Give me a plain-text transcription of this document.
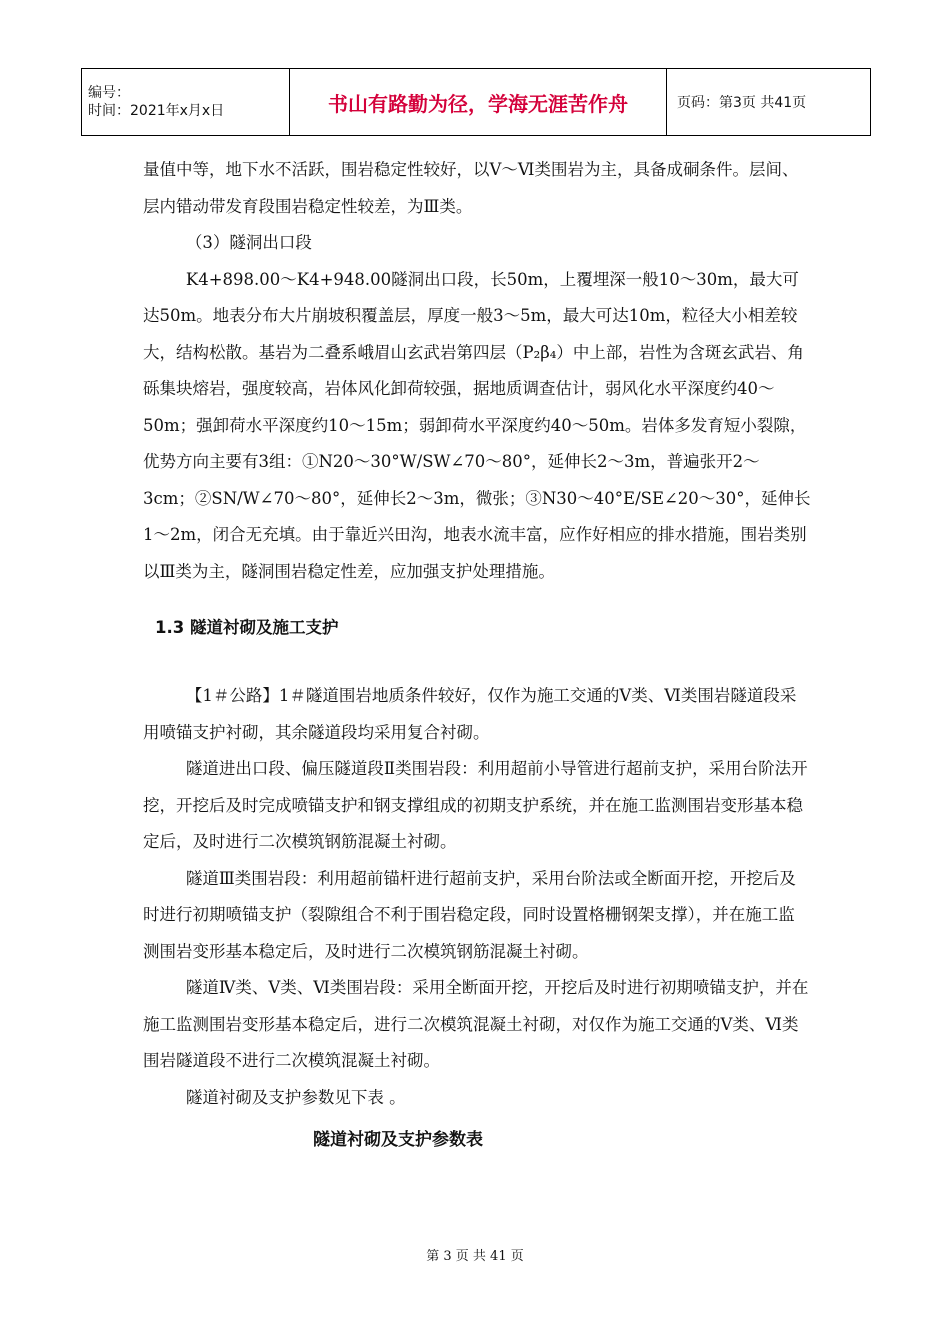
编号：
时间：2021年x月x日	书山有路勤为径，学海无涯苦作舟	页码：第3页 共41页

量值中等，地下水不活跃，围岩稳定性较好，以Ⅴ～Ⅵ类围岩为主，具备成硐条件。层间、层内错动带发育段围岩稳定性较差，为Ⅲ类。

（3）隧洞出口段

K4+898.00～K4+948.00隧洞出口段，长50m，上覆埋深一般10～30m，最大可达50m。地表分布大片崩坡积覆盖层，厚度一般3～5m，最大可达10m，粒径大小相差较大，结构松散。基岩为二叠系峨眉山玄武岩第四层（P₂β₄）中上部，岩性为含斑玄武岩、角砾集块熔岩，强度较高，岩体风化卸荷较强，据地质调查估计，弱风化水平深度约40～50m；强卸荷水平深度约10～15m；弱卸荷水平深度约40～50m。岩体多发育短小裂隙，优势方向主要有3组：①N20～30°W/SW∠70～80°，延伸长2～3m，普遍张开2～3cm；②SN/W∠70～80°，延伸长2～3m，微张；③N30～40°E/SE∠20～30°，延伸长1～2m，闭合无充填。由于靠近兴田沟，地表水流丰富，应作好相应的排水措施，围岩类别以Ⅲ类为主，隧洞围岩稳定性差，应加强支护处理措施。

1.3 隧道衬砌及施工支护

【1＃公路】1＃隧道围岩地质条件较好，仅作为施工交通的Ⅴ类、Ⅵ类围岩隧道段采用喷锚支护衬砌，其余隧道段均采用复合衬砌。

隧道进出口段、偏压隧道段Ⅱ类围岩段：利用超前小导管进行超前支护，采用台阶法开挖，开挖后及时完成喷锚支护和钢支撑组成的初期支护系统，并在施工监测围岩变形基本稳定后，及时进行二次模筑钢筋混凝土衬砌。

隧道Ⅲ类围岩段：利用超前锚杆进行超前支护，采用台阶法或全断面开挖，开挖后及时进行初期喷锚支护（裂隙组合不利于围岩稳定段，同时设置格栅钢架支撑），并在施工监测围岩变形基本稳定后，及时进行二次模筑钢筋混凝土衬砌。

隧道Ⅳ类、Ⅴ类、Ⅵ类围岩段：采用全断面开挖，开挖后及时进行初期喷锚支护，并在施工监测围岩变形基本稳定后，进行二次模筑混凝土衬砌，对仅作为施工交通的Ⅴ类、Ⅵ类围岩隧道段不进行二次模筑混凝土衬砌。

隧道衬砌及支护参数见下表 。

隧道衬砌及支护参数表
第 3 页 共 41 页
